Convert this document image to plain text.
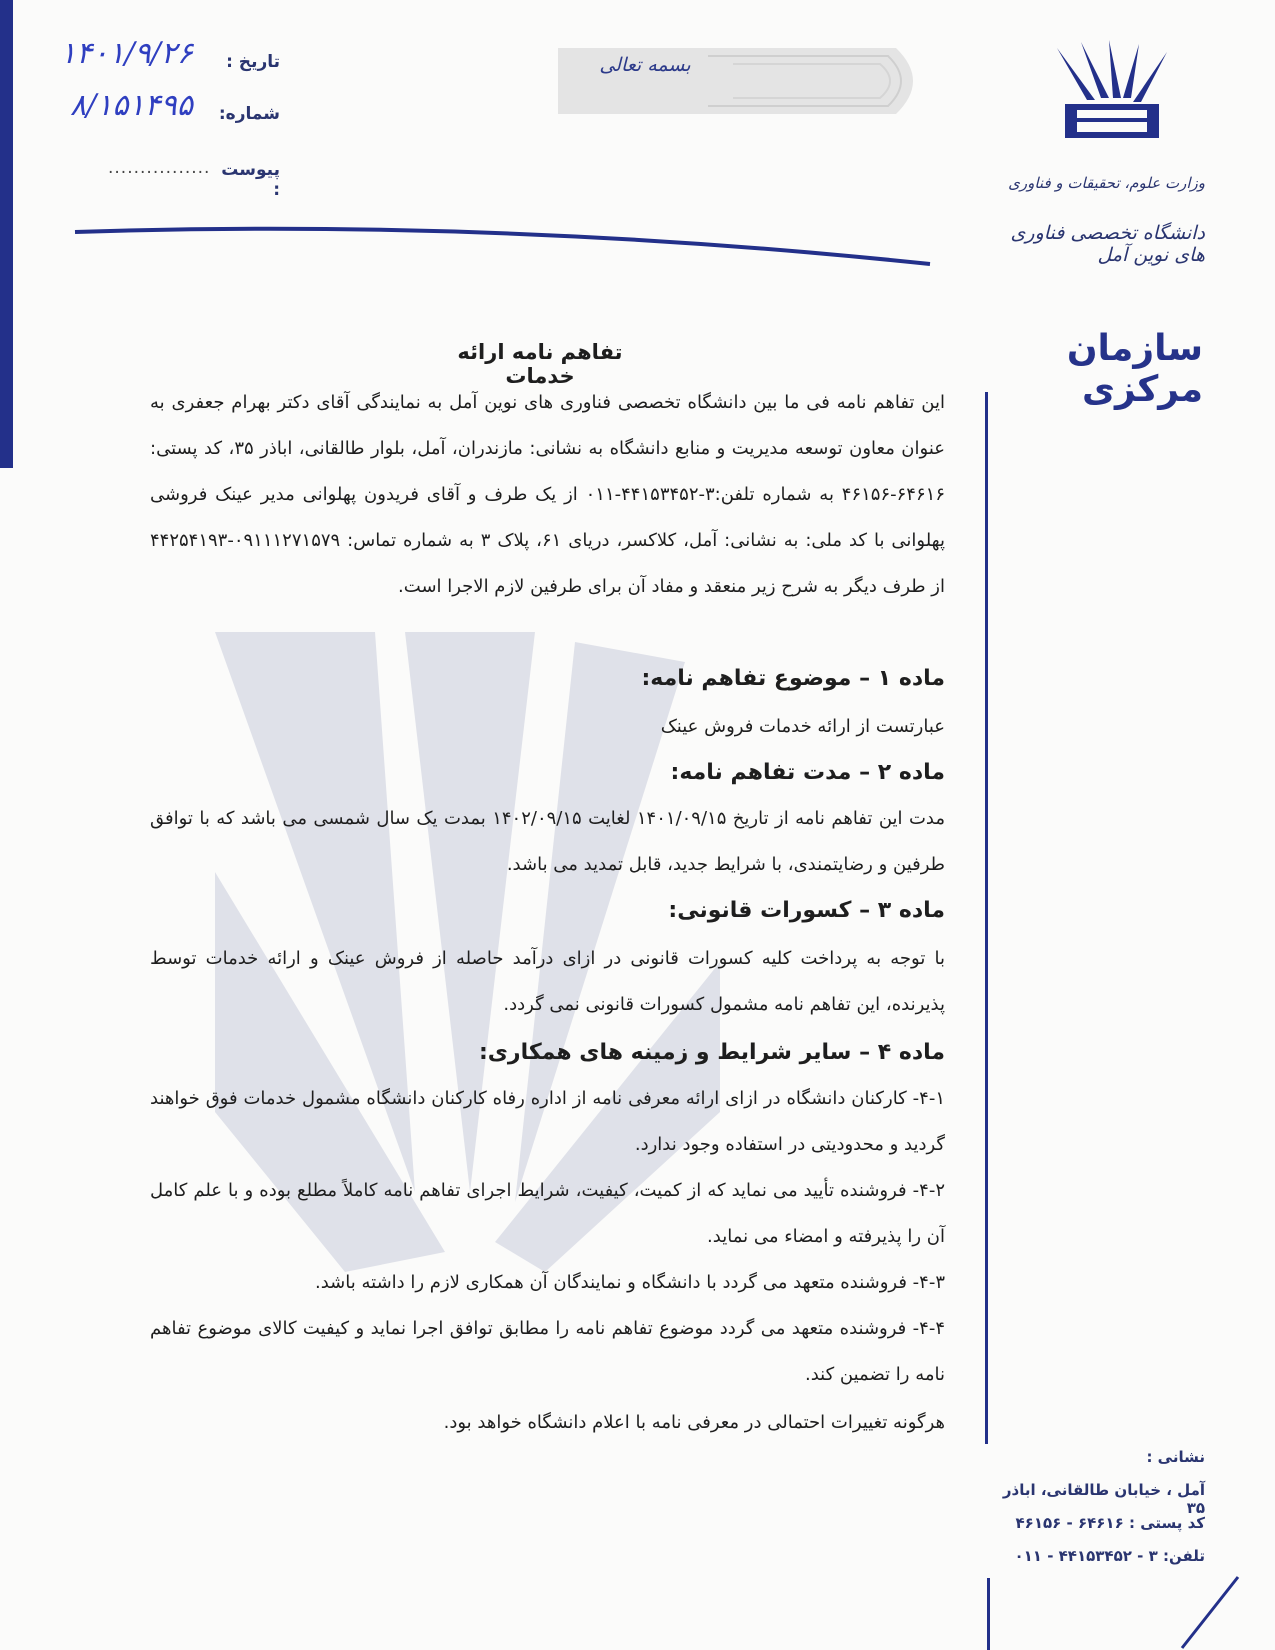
بسمه تعالی
تاریخ :
۱۴۰۱/۹/۲۶
شماره:
۸/۱۵۱۴۹۵
پیوست :
................
وزارت علوم، تحقیقات و فناوری
دانشگاه تخصصی فناوری های نوین آمل
سازمان مرکزی
تفاهم نامه ارائه خدمات
این تفاهم نامه فی ما بین دانشگاه تخصصی فناوری های نوین آمل به نمایندگی آقای دکتر بهرام جعفری به عنوان معاون توسعه مدیریت و منابع دانشگاه به نشانی: مازندران، آمل، بلوار طالقانی، اباذر ۳۵، کد پستی: ۶۴۶۱۶-۴۶۱۵۶ به شماره تلفن:۳-۴۴۱۵۳۴۵۲-۰۱۱ از یک طرف و آقای فریدون پهلوانی مدیر عینک فروشی پهلوانی با کد ملی: به نشانی: آمل، کلاکسر، دریای ۶۱، پلاک ۳ به شماره تماس: ۰۹۱۱۱۲۷۱۵۷۹-۴۴۲۵۴۱۹۳ از طرف دیگر به شرح زیر منعقد و مفاد آن برای طرفین لازم الاجرا است.
ماده ۱ – موضوع تفاهم نامه:
عبارتست از ارائه خدمات فروش عینک
ماده ۲ – مدت تفاهم نامه:
مدت این تفاهم نامه از تاریخ ۱۴۰۱/۰۹/۱۵ لغایت ۱۴۰۲/۰۹/۱۵ بمدت یک سال شمسی می باشد که با توافق طرفین و رضایتمندی، با شرایط جدید، قابل تمدید می باشد.
ماده ۳ – کسورات قانونی:
با توجه به پرداخت کلیه کسورات قانونی در ازای درآمد حاصله از فروش عینک و ارائه خدمات توسط پذیرنده، این تفاهم نامه مشمول کسورات قانونی نمی گردد.
ماده ۴ – سایر شرایط و زمینه های همکاری:
۴-۱- کارکنان دانشگاه در ازای ارائه معرفی نامه از اداره رفاه کارکنان دانشگاه مشمول خدمات فوق خواهند گردید و محدودیتی در استفاده وجود ندارد.
۴-۲- فروشنده تأیید می نماید که از کمیت، کیفیت، شرایط اجرای تفاهم نامه کاملاً مطلع بوده و با علم کامل آن را پذیرفته و امضاء می نماید.
۴-۳- فروشنده متعهد می گردد با دانشگاه و نمایندگان آن همکاری لازم را داشته باشد.
۴-۴- فروشنده متعهد می گردد موضوع تفاهم نامه را مطابق توافق اجرا نماید و کیفیت کالای موضوع تفاهم نامه را تضمین کند.
هرگونه تغییرات احتمالی در معرفی نامه با اعلام دانشگاه خواهد بود.
نشانی :
آمل ، خیابان طالقانی، اباذر ۳۵
کد پستی : ۶۴۶۱۶ - ۴۶۱۵۶
تلفن: ۳ - ۴۴۱۵۳۴۵۲ - ۰۱۱
